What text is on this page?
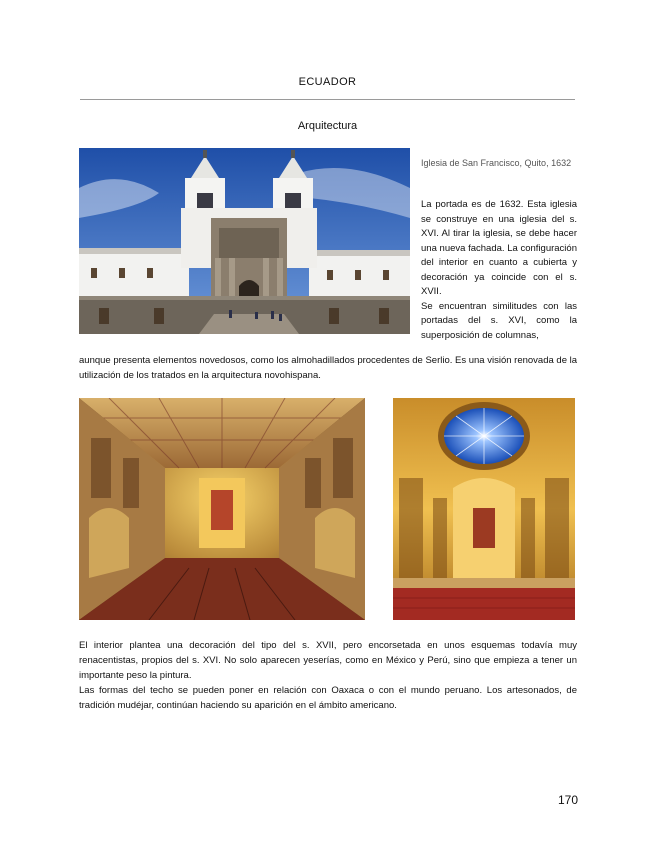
ECUADOR
Arquitectura
Iglesia de San Francisco, Quito, 1632

La portada es de 1632. Esta iglesia se construye en una iglesia del s. XVI. Al tirar la iglesia, se debe hacer una nueva fachada. La configuración del interior en cuanto a cubierta y decoración ya coincide con el s. XVII.

Se encuentran similitudes con las portadas del s. XVI, como la superposición de columnas,

aunque presenta elementos novedosos, como los almohadillados procedentes de Serlio. Es una visión renovada de la utilización de los tratados en la arquitectura novohispana.

El interior plantea una decoración del tipo del s. XVII, pero encorsetada en unos esquemas todavía muy renacentistas, propios del s. XVI. No solo aparecen yeserías, como en México y Perú, sino que empieza a tener un importante peso la pintura.

Las formas del techo se pueden poner en relación con Oaxaca o con el mundo peruano. Los artesonados, de tradición mudéjar, continúan haciendo su aparición en el ámbito americano.

170
